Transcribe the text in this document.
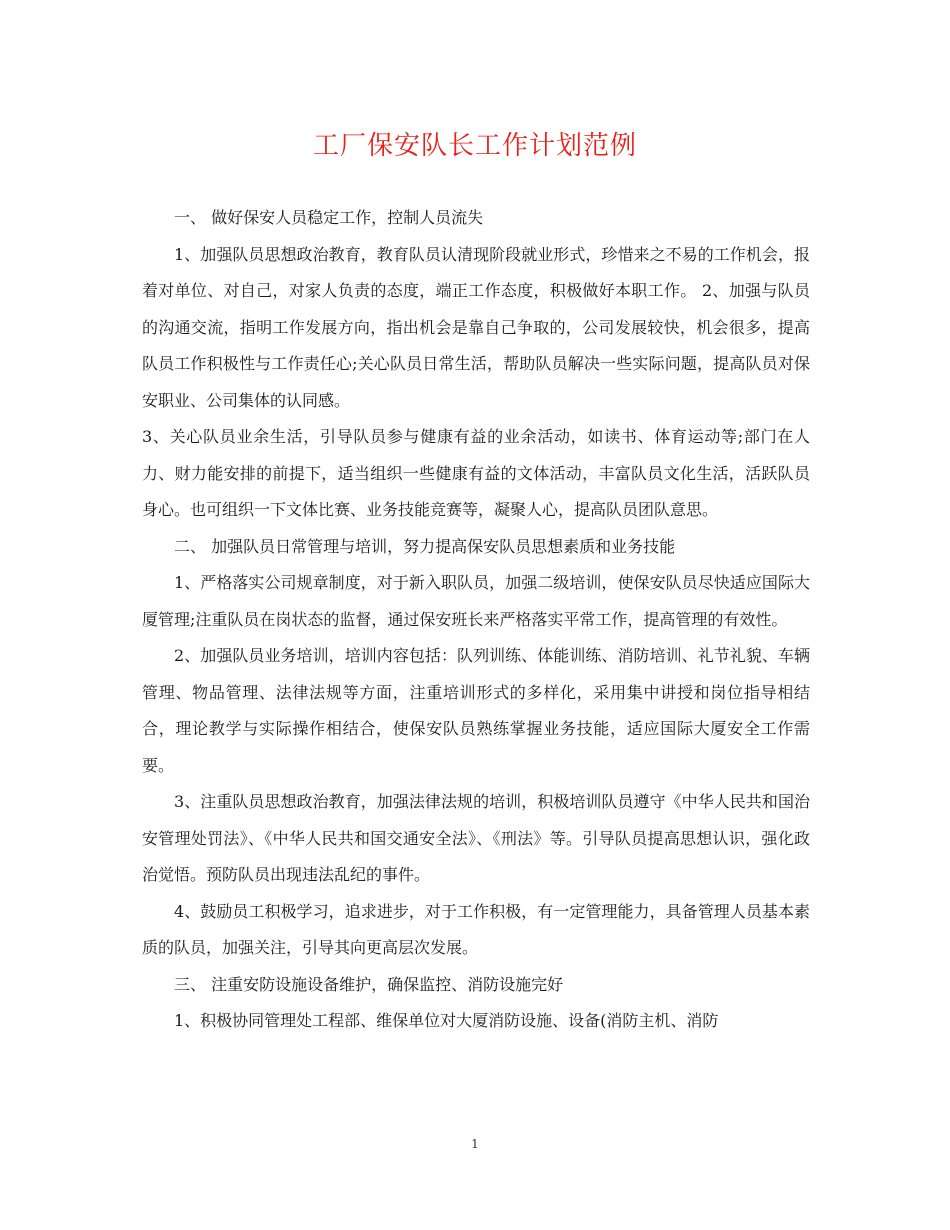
工厂保安队长工作计划范例

一、 做好保安人员稳定工作，控制人员流失

1、加强队员思想政治教育，教育队员认清现阶段就业形式，珍惜来之不易的工作机会，报着对单位、对自己，对家人负责的态度，端正工作态度，积极做好本职工作。 2、加强与队员的沟通交流，指明工作发展方向，指出机会是靠自己争取的，公司发展较快，机会很多，提高队员工作积极性与工作责任心;关心队员日常生活，帮助队员解决一些实际问题，提高队员对保安职业、公司集体的认同感。

3、关心队员业余生活，引导队员参与健康有益的业余活动，如读书、体育运动等;部门在人力、财力能安排的前提下，适当组织一些健康有益的文体活动，丰富队员文化生活，活跃队员身心。也可组织一下文体比赛、业务技能竞赛等，凝聚人心，提高队员团队意思。

二、 加强队员日常管理与培训，努力提高保安队员思想素质和业务技能

1、严格落实公司规章制度，对于新入职队员，加强二级培训，使保安队员尽快适应国际大厦管理;注重队员在岗状态的监督，通过保安班长来严格落实平常工作，提高管理的有效性。

2、加强队员业务培训，培训内容包括：队列训练、体能训练、消防培训、礼节礼貌、车辆管理、物品管理、法律法规等方面，注重培训形式的多样化，采用集中讲授和岗位指导相结合，理论教学与实际操作相结合，使保安队员熟练掌握业务技能，适应国际大厦安全工作需要。

3、注重队员思想政治教育，加强法律法规的培训，积极培训队员遵守《中华人民共和国治安管理处罚法》、《中华人民共和国交通安全法》、《刑法》等。引导队员提高思想认识，强化政治觉悟。预防队员出现违法乱纪的事件。

4、鼓励员工积极学习，追求进步，对于工作积极，有一定管理能力，具备管理人员基本素质的队员，加强关注，引导其向更高层次发展。

三、 注重安防设施设备维护，确保监控、消防设施完好

1、积极协同管理处工程部、维保单位对大厦消防设施、设备(消防主机、消防

1
